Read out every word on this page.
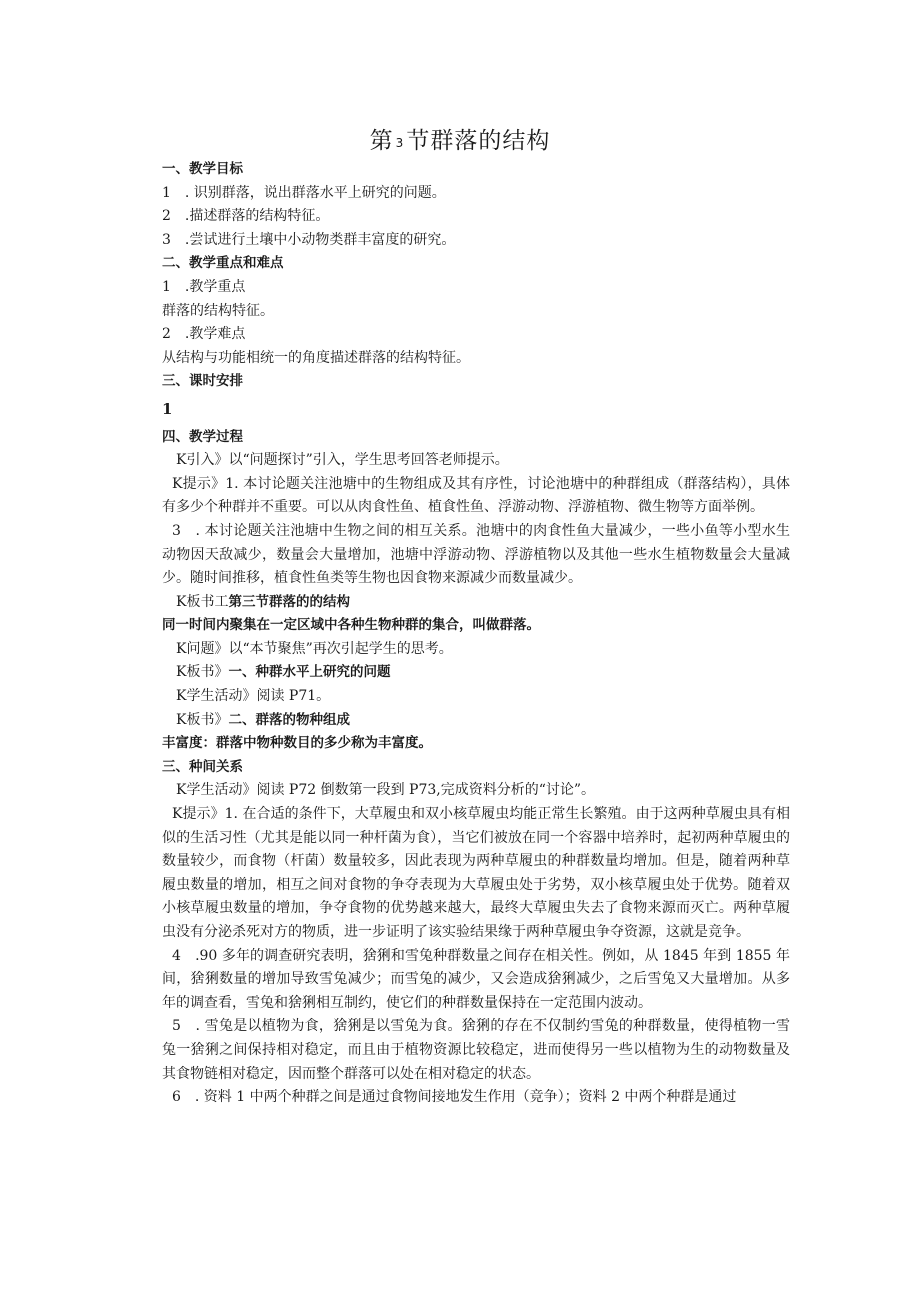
第 3节群落的结构

一、教学目标

1　. 识别群落，说出群落水平上研究的问题。

2　.描述群落的结构特征。

3　.尝试进行土壤中小动物类群丰富度的研究。

二、教学重点和难点

1　.教学重点

群落的结构特征。

2　.教学难点

从结构与功能相统一的角度描述群落的结构特征。

三、课时安排

1

四、教学过程

K引入》以“问题探讨”引入，学生思考回答老师提示。

K提示》1. 本讨论题关注池塘中的生物组成及其有序性，讨论池塘中的种群组成（群落结构），具体有多少个种群并不重要。可以从肉食性鱼、植食性鱼、浮游动物、浮游植物、微生物等方面举例。

3　. 本讨论题关注池塘中生物之间的相互关系。池塘中的肉食性鱼大量减少，一些小鱼等小型水生动物因天敌减少，数量会大量增加，池塘中浮游动物、浮游植物以及其他一些水生植物数量会大量减少。随时间推移，植食性鱼类等生物也因食物来源减少而数量减少。

K板书工第三节群落的的结构

同一时间内聚集在一定区域中各种生物种群的集合，叫做群落。

K问题》以“本节聚焦”再次引起学生的思考。

K板书》一、种群水平上研究的问题

K学生活动》阅读 P71。

K板书》二、群落的物种组成

丰富度：群落中物种数目的多少称为丰富度。

三、种间关系

K学生活动》阅读 P72 倒数第一段到 P73,完成资料分析的“讨论”。

K提示》1. 在合适的条件下，大草履虫和双小核草履虫均能正常生长繁殖。由于这两种草履虫具有相似的生活习性（尤其是能以同一种杆菌为食），当它们被放在同一个容器中培养时，起初两种草履虫的数量较少，而食物（杆菌）数量较多，因此表现为两种草履虫的种群数量均增加。但是，随着两种草履虫数量的增加，相互之间对食物的争夺表现为大草履虫处于劣势，双小核草履虫处于优势。随着双小核草履虫数量的增加，争夺食物的优势越来越大，最终大草履虫失去了食物来源而灭亡。两种草履虫没有分泌杀死对方的物质，进一步证明了该实验结果缘于两种草履虫争夺资源，这就是竞争。

4　.90 多年的调查研究表明，猞猁和雪兔种群数量之间存在相关性。例如，从 1845 年到 1855 年间，猞猁数量的增加导致雪兔减少；而雪兔的减少，又会造成猞猁减少，之后雪兔又大量增加。从多年的调查看，雪兔和猞猁相互制约，使它们的种群数量保持在一定范围内波动。

5　. 雪兔是以植物为食，猞猁是以雪兔为食。猞猁的存在不仅制约雪兔的种群数量，使得植物一雪兔一猞猁之间保持相对稳定，而且由于植物资源比较稳定，进而使得另一些以植物为生的动物数量及其食物链相对稳定，因而整个群落可以处在相对稳定的状态。

6　. 资料 1 中两个种群之间是通过食物间接地发生作用（竞争）；资料 2 中两个种群是通过
